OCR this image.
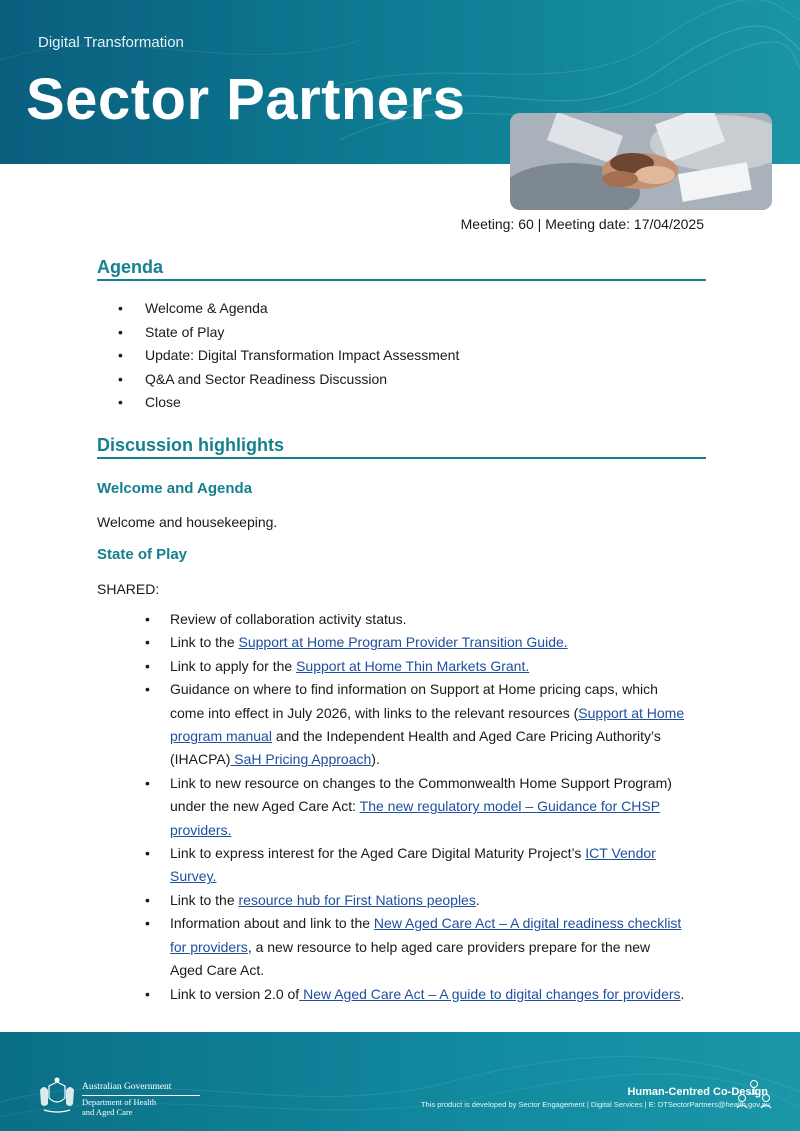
Digital Transformation
Sector Partners
Meeting: 60 | Meeting date: 17/04/2025
Agenda
• Welcome & Agenda
• State of Play
• Update: Digital Transformation Impact Assessment
• Q&A and Sector Readiness Discussion
• Close
Discussion highlights
Welcome and Agenda

Welcome and housekeeping.

State of Play

SHARED:

• Review of collaboration activity status.
• Link to the Support at Home Program Provider Transition Guide.
• Link to apply for the Support at Home Thin Markets Grant.
• Guidance on where to find information on Support at Home pricing caps, which come into effect in July 2026, with links to the relevant resources (Support at Home program manual and the Independent Health and Aged Care Pricing Authority’s (IHACPA) SaH Pricing Approach).
• Link to new resource on changes to the Commonwealth Home Support Program) under the new Aged Care Act: The new regulatory model – Guidance for CHSP providers.
• Link to express interest for the Aged Care Digital Maturity Project’s ICT Vendor Survey.
• Link to the resource hub for First Nations peoples.
• Information about and link to the New Aged Care Act – A digital readiness checklist for providers, a new resource to help aged care providers prepare for the new Aged Care Act.
• Link to version 2.0 of New Aged Care Act – A guide to digital changes for providers.
Australian Government
Department of Health
and Aged Care
Human-Centred Co-Design
This product is developed by Sector Engagement | Digital Services | E: DTSectorPartners@health.gov.au
